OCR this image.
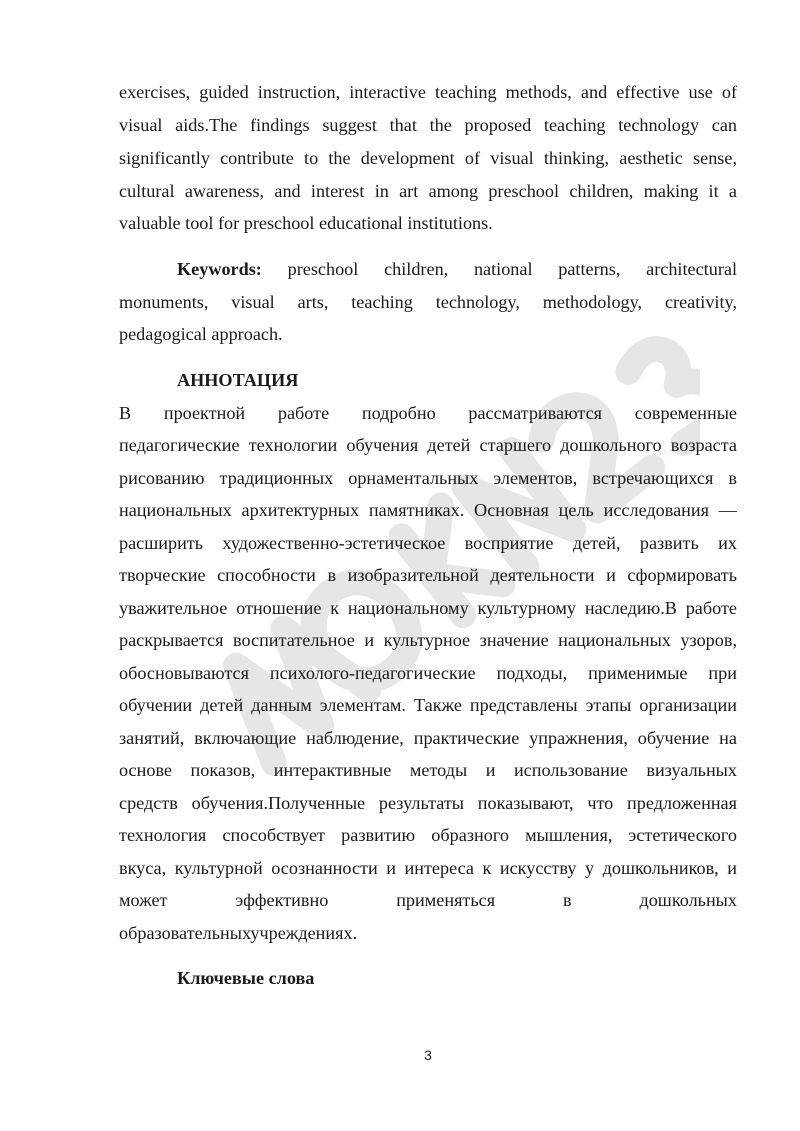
exercises, guided instruction, interactive teaching methods, and effective use of
visual aids.The findings suggest that the proposed teaching technology can
significantly contribute to the development of visual thinking, aesthetic sense,
cultural awareness, and interest in art among preschool children, making it a
valuable tool for preschool educational institutions.
Keywords: preschool children, national patterns, architectural
monuments, visual arts, teaching technology, methodology, creativity,
pedagogical approach.
АННОТАЦИЯ
В проектной работе подробно рассматриваются современные
педагогические технологии обучения детей старшего дошкольного возраста
рисованию традиционных орнаментальных элементов, встречающихся в
национальных архитектурных памятниках. Основная цель исследования —
расширить художественно-эстетическое восприятие детей, развить их
творческие способности в изобразительной деятельности и сформировать
уважительное отношение к национальному культурному наследию.В работе
раскрывается воспитательное и культурное значение национальных узоров,
обосновываются психолого-педагогические подходы, применимые при
обучении детей данным элементам. Также представлены этапы организации
занятий, включающие наблюдение, практические упражнения, обучение на
основе показов, интерактивные методы и использование визуальных
средств обучения.Полученные результаты показывают, что предложенная
технология способствует развитию образного мышления, эстетического
вкуса, культурной осознанности и интереса к искусству у дошкольников, и
может эффективно применяться в дошкольных
образовательныхучреждениях.
Ключевые слова
3
